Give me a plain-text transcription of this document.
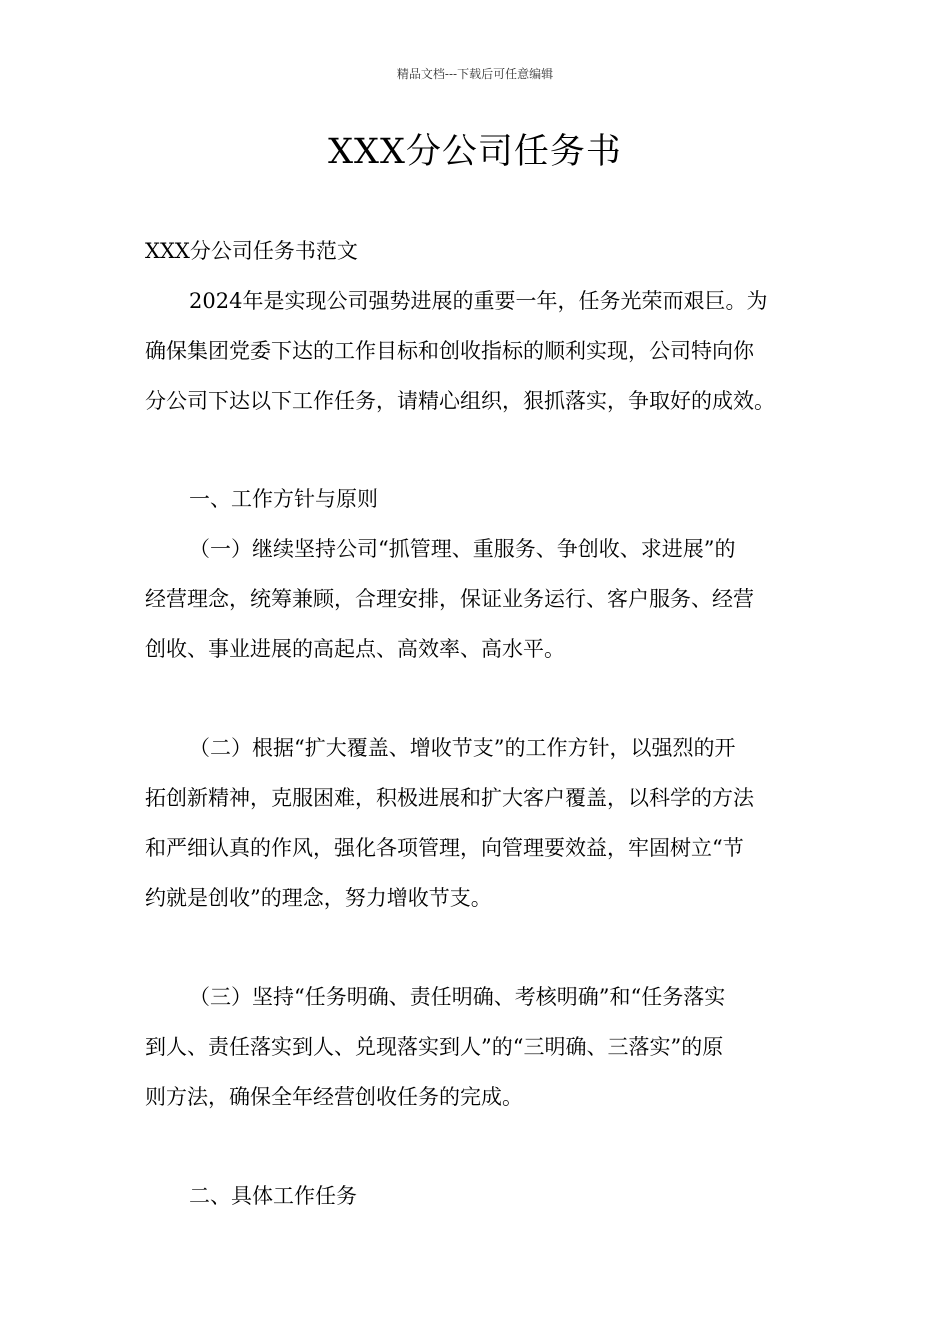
精品文档---下载后可任意编辑
XXX分公司任务书

XXX分公司任务书范文

2024年是实现公司强势进展的重要一年，任务光荣而艰巨。为

确保集团党委下达的工作目标和创收指标的顺利实现，公司特向你

分公司下达以下工作任务，请精心组织，狠抓落实，争取好的成效。

一、工作方针与原则

（一）继续坚持公司“抓管理、重服务、争创收、求进展”的

经营理念，统筹兼顾，合理安排，保证业务运行、客户服务、经营

创收、事业进展的高起点、高效率、高水平。

（二）根据“扩大覆盖、增收节支”的工作方针，以强烈的开

拓创新精神，克服困难，积极进展和扩大客户覆盖，以科学的方法

和严细认真的作风，强化各项管理，向管理要效益，牢固树立“节

约就是创收”的理念，努力增收节支。

（三）坚持“任务明确、责任明确、考核明确”和“任务落实

到人、责任落实到人、兑现落实到人”的“三明确、三落实”的原

则方法，确保全年经营创收任务的完成。

二、具体工作任务
